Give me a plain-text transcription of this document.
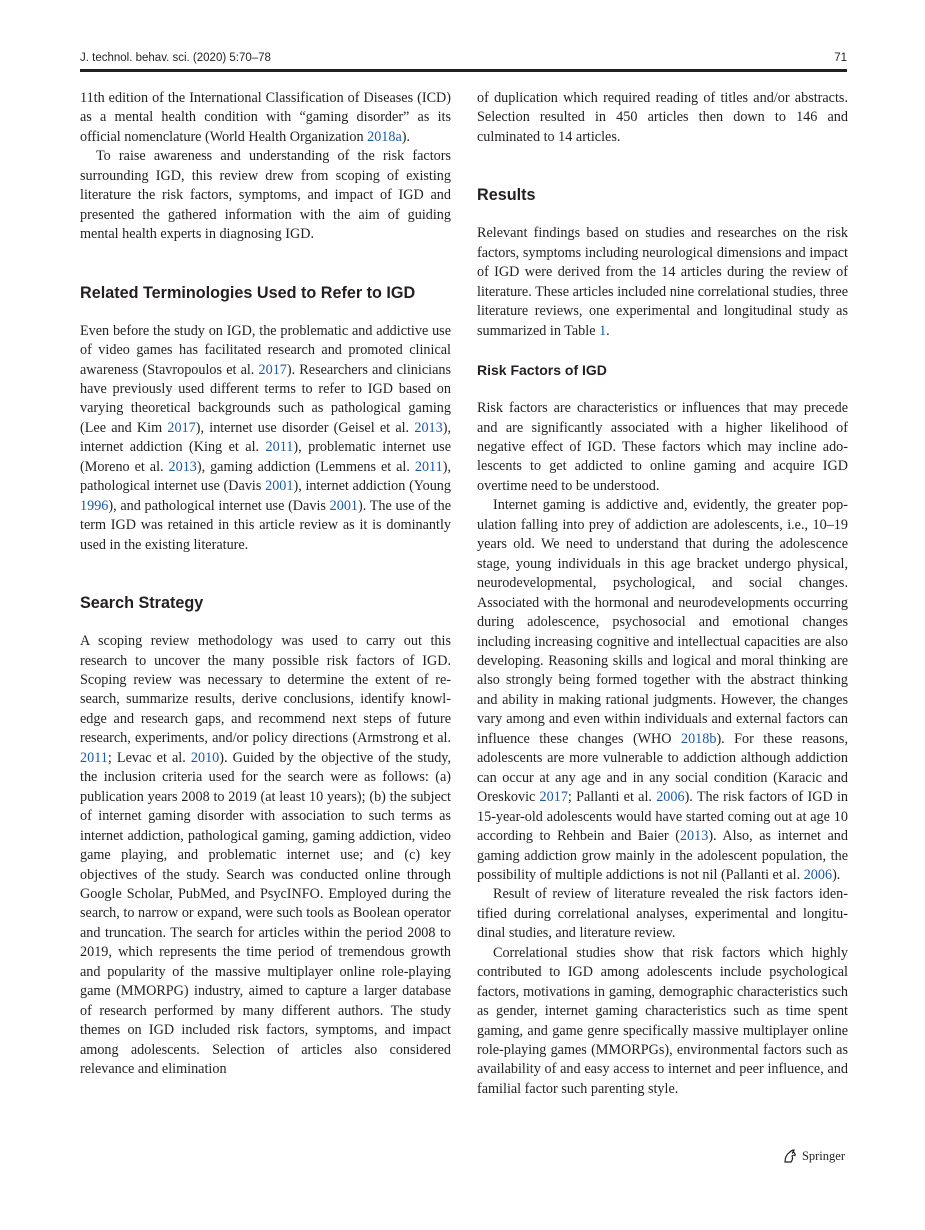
J. technol. behav. sci. (2020) 5:70–78	71

11th edition of the International Classification of Diseases (ICD) as a mental health condition with “gaming disorder” as its official nomenclature (World Health Organization 2018a).

To raise awareness and understanding of the risk factors surrounding IGD, this review drew from scoping of existing literature the risk factors, symptoms, and impact of IGD and presented the gathered information with the aim of guiding mental health experts in diagnosing IGD.

Related Terminologies Used to Refer to IGD

Even before the study on IGD, the problematic and addictive use of video games has facilitated research and promoted clinical awareness (Stavropoulos et al. 2017). Researchers and clinicians have previously used different terms to refer to IGD based on varying theoretical backgrounds such as pathological gaming (Lee and Kim 2017), internet use disorder (Geisel et al. 2013), internet addiction (King et al. 2011), problematic internet use (Moreno et al. 2013), gaming addiction (Lemmens et al. 2011), pathological internet use (Davis 2001), internet addiction (Young 1996), and pathological internet use (Davis 2001). The use of the term IGD was retained in this article review as it is dominantly used in the existing literature.

Search Strategy

A scoping review methodology was used to carry out this research to uncover the many possible risk factors of IGD. Scoping review was necessary to determine the extent of research, summarize results, derive conclusions, identify knowledge and research gaps, and recommend next steps of future research, experiments, and/or policy directions (Armstrong et al. 2011; Levac et al. 2010). Guided by the objective of the study, the inclusion criteria used for the search were as follows: (a) publication years 2008 to 2019 (at least 10 years); (b) the subject of internet gaming disorder with association to such terms as internet addiction, pathological gaming, gaming addiction, video game playing, and problematic internet use; and (c) key objectives of the study. Search was conducted online through Google Scholar, PubMed, and PsycINFO. Employed during the search, to narrow or expand, were such tools as Boolean operator and truncation. The search for articles within the period 2008 to 2019, which represents the time period of tremendous growth and popularity of the massive multiplayer online role-playing game (MMORPG) industry, aimed to capture a larger database of research performed by many different authors. The study themes on IGD included risk factors, symptoms, and impact among adolescents. Selection of articles also considered relevance and elimination

of duplication which required reading of titles and/or abstracts. Selection resulted in 450 articles then down to 146 and culminated to 14 articles.

Results

Relevant findings based on studies and researches on the risk factors, symptoms including neurological dimensions and impact of IGD were derived from the 14 articles during the review of literature. These articles included nine correlational studies, three literature reviews, one experimental and longitudinal study as summarized in Table 1.

Risk Factors of IGD

Risk factors are characteristics or influences that may precede and are significantly associated with a higher likelihood of negative effect of IGD. These factors which may incline adolescents to get addicted to online gaming and acquire IGD overtime need to be understood.

Internet gaming is addictive and, evidently, the greater population falling into prey of addiction are adolescents, i.e., 10–19 years old. We need to understand that during the adolescence stage, young individuals in this age bracket undergo physical, neurodevelopmental, psychological, and social changes. Associated with the hormonal and neurodevelopments occurring during adolescence, psychosocial and emotional changes including increasing cognitive and intellectual capacities are also developing. Reasoning skills and logical and moral thinking are also strongly being formed together with the abstract thinking and ability in making rational judgments. However, the changes vary among and even within individuals and external factors can influence these changes (WHO 2018b). For these reasons, adolescents are more vulnerable to addiction although addiction can occur at any age and in any social condition (Karacic and Oreskovic 2017; Pallanti et al. 2006). The risk factors of IGD in 15-year-old adolescents would have started coming out at age 10 according to Rehbein and Baier (2013). Also, as internet and gaming addiction grow mainly in the adolescent population, the possibility of multiple addictions is not nil (Pallanti et al. 2006).

Result of review of literature revealed the risk factors identified during correlational analyses, experimental and longitudinal studies, and literature review.

Correlational studies show that risk factors which highly contributed to IGD among adolescents include psychological factors, motivations in gaming, demographic characteristics such as gender, internet gaming characteristics such as time spent gaming, and game genre specifically massive multiplayer online role-playing games (MMORPGs), environmental factors such as availability of and easy access to internet and peer influence, and familial factor such parenting style.

Springer
